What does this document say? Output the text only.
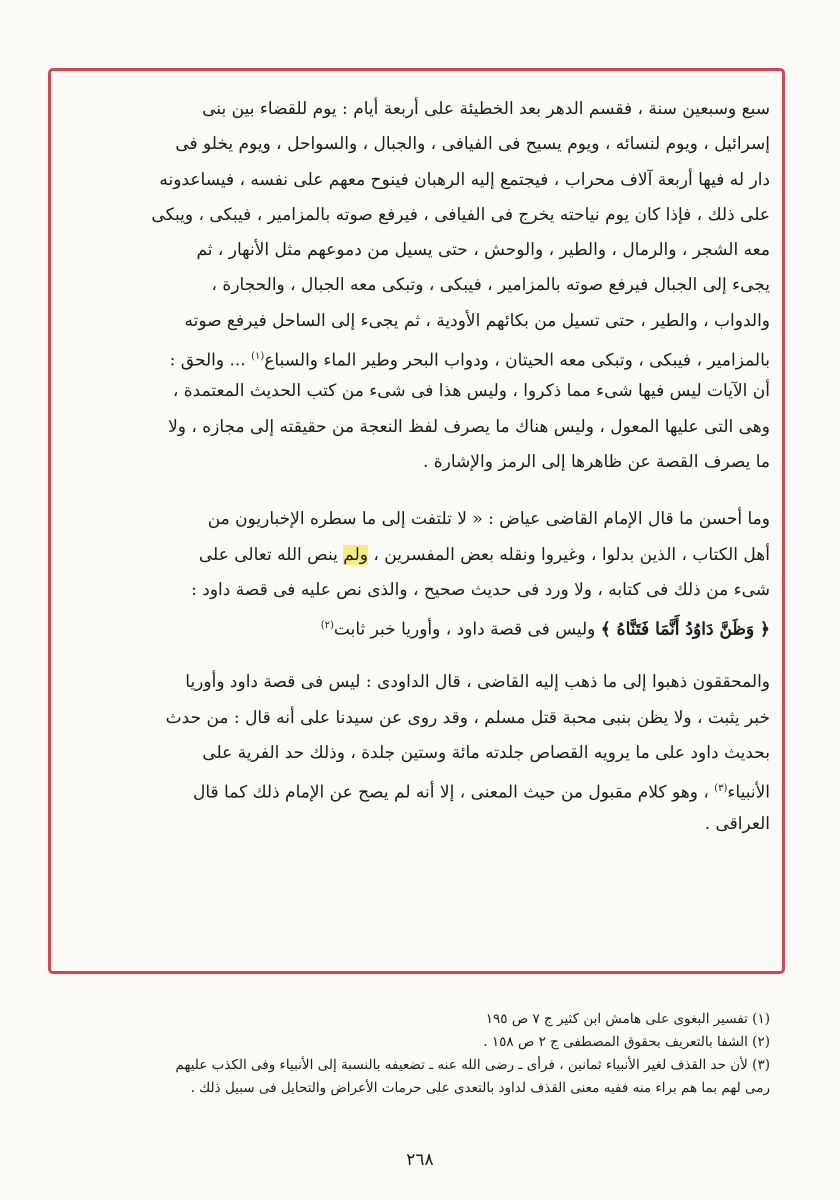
سبع وسبعين سنة ، فقسم الدهر بعد الخطيئة على أربعة أيام : يوم للقضاء بين بنى
إسرائيل ، ويوم لنسائه ، ويوم يسيح فى الفيافى ، والجبال ، والسواحل ، ويوم يخلو فى
دار له فيها أربعة آلاف محراب ، فيجتمع إليه الرهبان فينوح معهم على نفسه ، فيساعدونه
على ذلك ، فإذا كان يوم نياحته يخرج فى الفيافى ، فيرفع صوته بالمزامير ، فيبكى ، ويبكى
معه الشجر ، والرمال ، والطير ، والوحش ، حتى يسيل من دموعهم مثل الأنهار ، ثم
يجىء إلى الجبال فيرفع صوته بالمزامير ، فيبكى ، وتبكى معه الجبال ، والحجارة ،
والدواب ، والطير ، حتى تسيل من بكائهم الأودية ، ثم يجىء إلى الساحل فيرفع صوته
بالمزامير ، فيبكى ، وتبكى معه الحيتان ، ودواب البحر وطير الماء والسباع$^{(١)}$ ... والحق :
أن الآيات ليس فيها شىء مما ذكروا ، وليس هذا فى شىء من كتب الحديث المعتمدة ،
وهى التى عليها المعول ، وليس هناك ما يصرف لفظ النعجة من حقيقته إلى مجازه ، ولا
ما يصرف القصة عن ظاهرها إلى الرمز والإشارة .
وما أحسن ما قال الإمام القاضى عياض : « لا تلتفت إلى ما سطره الإخباريون من
أهل الكتاب ، الذين بدلوا ، وغيروا ونقله بعض المفسرين ، ولم ينص الله تعالى على
شىء من ذلك فى كتابه ، ولا ورد فى حديث صحيح ، والذى نص عليه فى قصة داود :
﴿ وَظَنَّ دَاوُدُ أَنَّمَا فَتَنَّاهُ ﴾ وليس فى قصة داود ، وأوريا خبر ثابت$^{(٢)}$
والمحققون ذهبوا إلى ما ذهب إليه القاضى ، قال الداودى : ليس فى قصة داود وأوريا
خبر يثبت ، ولا يظن بنبى محبة قتل مسلم ، وقد روى عن سيدنا على أنه قال : من حدث
بحديث داود على ما يرويه القصاص جلدته مائة وستين جلدة ، وذلك حد الفرية على
الأنبياء$^{(٣)}$ ، وهو كلام مقبول من حيث المعنى ، إلا أنه لم يصح عن الإمام ذلك كما قال
العراقى .
(١) تفسير البغوى على هامش ابن كثير ج ٧ ص ١٩٥
(٢) الشفا بالتعريف بحقوق المصطفى ج ٢ ص ١٥٨ .
(٣) لأن حد القذف لغير الأنبياء ثمانين ، فرأى ـ رضى الله عنه ـ تضعيفه بالنسبة إلى الأنبياء وفى الكذب عليهم
رمى لهم بما هم براء منه ففيه معنى القذف لداود بالتعدى على حرمات الأعراض والتحايل فى سبيل ذلك .
٢٦٨
